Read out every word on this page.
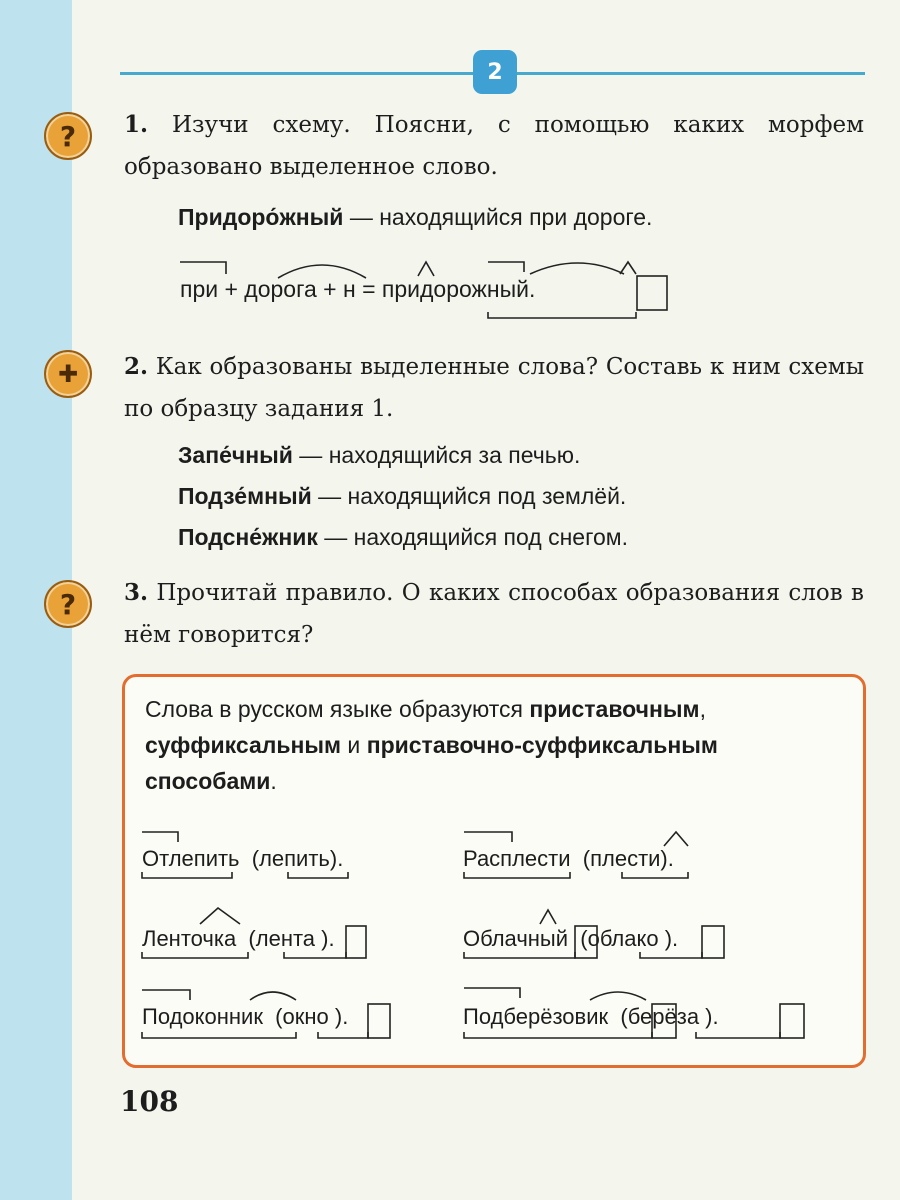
2
?
✚
?

1. Изучи схему. Поясни, с помощью каких морфем образовано выделенное слово.

Придоро́жный — находящийся при дороге.
при + дорога + н = придорожный.

2. Как образованы выделенные слова? Составь к ним схемы по образцу задания 1.

Запе́чный — находящийся за печью.
Подзе́мный — находящийся под землёй.
Подсне́жник — находящийся под снегом.

3. Прочитай правило. О каких способах образования слов в нём говорится?

Слова в русском языке образуются приставочным, суффиксальным и приставочно-суффиксальным способами.
Отлепить  (лепить).	Расплести  (плести).
Ленточка  (лента ).	Облачный  (облако ).
Подоконник  (окно ).	Подберёзовик  (берёза ).
108
